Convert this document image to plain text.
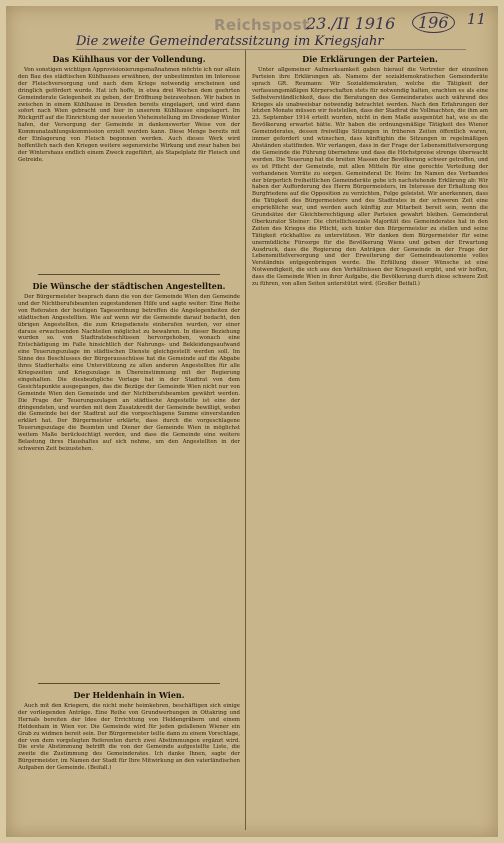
Reichspost
23./II 1916	196	11
Die zweite Gemeinderatssitzung im Kriegsjahr
Das Kühlhaus vor der Vollendung.

Von sonstigen wichtigen Approvisionierungsmaßnahmen möchte ich nur allein den Bau des städtischen Kühlhauses erwähnen, der unbestimmten im Interesse der Fleischversorgung und nach dem Kriege notwendig erscheinen und dringlich gefördert wurde. Hat ich hoffe, in etwa drei Wochen dem geehrten Gemeinderate Gelegenheit zu geben, der Eröffnung beizuwohnen. Wir haben in zwischen in einem Kühlhause in Dresden bereits eingelagert, und wird dann sofort nach Wien gebracht und hier in unserem Kühlhause eingelagert. Im Rückgriff auf die Einrichtung der neuesten Vieheinstellung im Dresdener Winter hafen, der Versorgung der Gemeinde in dankenswerter Weise von der Kommunalzahlungskommission erzielt wurden kann. Diese Menge bereits mit der Einlagerung von Fleisch begonnen werden. Auch dieses Werk wird hoffentlich nach den Kriegen weitere segensreiche Wirkung und zwar haben bei der Wintershaus endlich einem Zweck zugeführt, als Stapelplatz für Fleisch und Getreide.

Die Wünsche der städtischen Angestellten.

Der Bürgermeister besprach dann die von der Gemeinde Wien den Gemeinde und der Nichtberufsbeamten zugestandenen Hilfe und sagte weiter: Eine Reihe von Referaten der heutigen Tagesordnung betreffen die Angelegenheiten der städtischen Angestellten. Wie auf wenn wir die Gemeinde darauf bedacht, den übrigen Angestellten, die zum Kriegsdienste einberufen wurden, vor einer daraus erwachsenden Nachteilen möglichst zu bewahren. In dieser Beziehung wurden so. von Stadtratsbeschlüssen hervorgehoben, wonach eine Entschädigung im Falle hinsichtlich der Nahrungs- und Bekleidungsaufwand eine Teuerungszulage im städtischen Dienste gleichgestellt werden soll. Im Sinne des Beschlusses der Bürgerausschüsse hat die Gemeinde auf die Abgabe ihres Stadterhalts eine Unterstützung zu allen anderen Angestellten für alle Kriegszeiten und Kriegszulage in Übereinstimmung mit der Regierung eingehalten. Die diesbezügliche Vorlage hat in der Stadtrat von dem Gesichtspunkte ausgegangen, das die Bezüge der Gemeinde Wien nicht nur von Gemeinde Wien den Gemeinde und der Nichtberufsbeamten gewährt werden. Die Frage der Teuerungszulagen an städtische Angestellte ist eine der dringendsten, und wurden mit dem Zusatzkredit der Gemeinde bewilligt, wobei die Gemeinde bei der Stadtrat auf die vorgeschlagene Summe einverstanden erklärt hat. Der Bürgermeister erklärte, dass durch die vorgeschlagene Teuerungszulage die Beamten und Diener der Gemeinde Wien in möglichst weitem Maße berücksichtigt werden, und dass die Gemeinde eine weitere Belastung ihres Haushaltes auf sich nehme, um den Angestellten in der schweren Zeit beizustehen.

Der Heldenhain in Wien.

Auch mit den Kriegern, die nicht mehr heimkehren, beschäftigen sich einige der vorliegenden Anträge. Eine Reihe von Grundwerbungen in Ottakring und Hernals bereiten der Idee der Errichtung von Heldengräbern und einem Heldenhain in Wien vor. Die Gemeinde wird für jeden gefallenen Wiener ein Grab zu widmen bereit sein. Der Bürgermeister teilte dann zu einem Vorschlage, der von dem vorgelegten Referenten durch zwei Abstimmungen ergänzt wird. Die erste Abstimmung betrifft die von der Gemeinde aufgestellte Liste, die zweite die Zustimmung des Gemeinderates. Ich danke Ihnen, sagte der Bürgermeister, im Namen der Stadt für Ihre Mitwirkung an den vaterländischen Aufgaben der Gemeinde. (Beifall.)

Die Erklärungen der Parteien.

Unter allgemeiner Aufmerksamkeit gaben hierauf die Vertreter der einzelnen Parteien ihre Erklärungen ab. Namens der sozialdemokratischen Gemeinderäte sprach GR. Reumann: Wir Sozialdemokraten, welche die Tätigkeit der verfassungsmäßigen Körperschaften stets für notwendig halten, erachten es als eine Selbstverständlichkeit, dass die Beratungen des Gemeinderates auch während des Krieges als unabweisbar notwendig betrachtet werden. Nach den Erfahrungen der letzten Monate müssen wir feststellen, dass der Stadtrat die Vollmachten, die ihm am 23. September 1914 erteilt wurden, nicht in dem Maße ausgenützt hat, wie es die Bevölkerung erwartet hätte. Wir haben die ordnungsmäßige Tätigkeit des Wiener Gemeinderates, dessen freiwillige Sitzungen in früheren Zeiten öffentlich waren, immer gefordert und wünschen, dass künftighin die Sitzungen in regelmäßigen Abständen stattfinden. Wir verlangen, dass in der Frage der Lebensmittelversorgung die Gemeinde die Führung übernehme und dass die Höchstpreise strenge überwacht werden. Die Teuerung hat die breiten Massen der Bevölkerung schwer getroffen, und es ist Pflicht der Gemeinde, mit allen Mitteln für eine gerechte Verteilung der vorhandenen Vorräte zu sorgen. Gemeinderat Dr. Heim: Im Namen des Verbandes der bürgerlich freiheitlichen Gemeinderäte gebe ich nachstehende Erklärung ab: Wir haben der Aufforderung des Herrn Bürgermeisters, im Interesse der Erhaltung des Burgfriedens auf die Opposition zu verzichten, Folge geleistet. Wir anerkennen, dass die Tätigkeit des Bürgermeisters und des Stadtrates in der schweren Zeit eine ersprießliche war, und werden auch künftig zur Mitarbeit bereit sein, wenn die Grundsätze der Gleichberechtigung aller Parteien gewahrt bleiben. Gemeinderat Oberkurator Steiner: Die christlichsoziale Majorität des Gemeinderates hat in den Zeiten des Krieges die Pflicht, sich hinter den Bürgermeister zu stellen und seine Tätigkeit rückhaltlos zu unterstützen. Wir danken dem Bürgermeister für seine unermüdliche Fürsorge für die Bevölkerung Wiens und geben der Erwartung Ausdruck, dass die Regierung den Anträgen der Gemeinde in der Frage der Lebensmittelversorgung und der Erweiterung der Gemeindeautonomie volles Verständnis entgegenbringen werde. Die Erfüllung dieser Wünsche ist eine Notwendigkeit, die sich aus den Verhältnissen der Kriegszeit ergibt, und wir hoffen, dass die Gemeinde Wien in ihrer Aufgabe, die Bevölkerung durch diese schwere Zeit zu führen, von allen Seiten unterstützt wird. (Großer Beifall.)
